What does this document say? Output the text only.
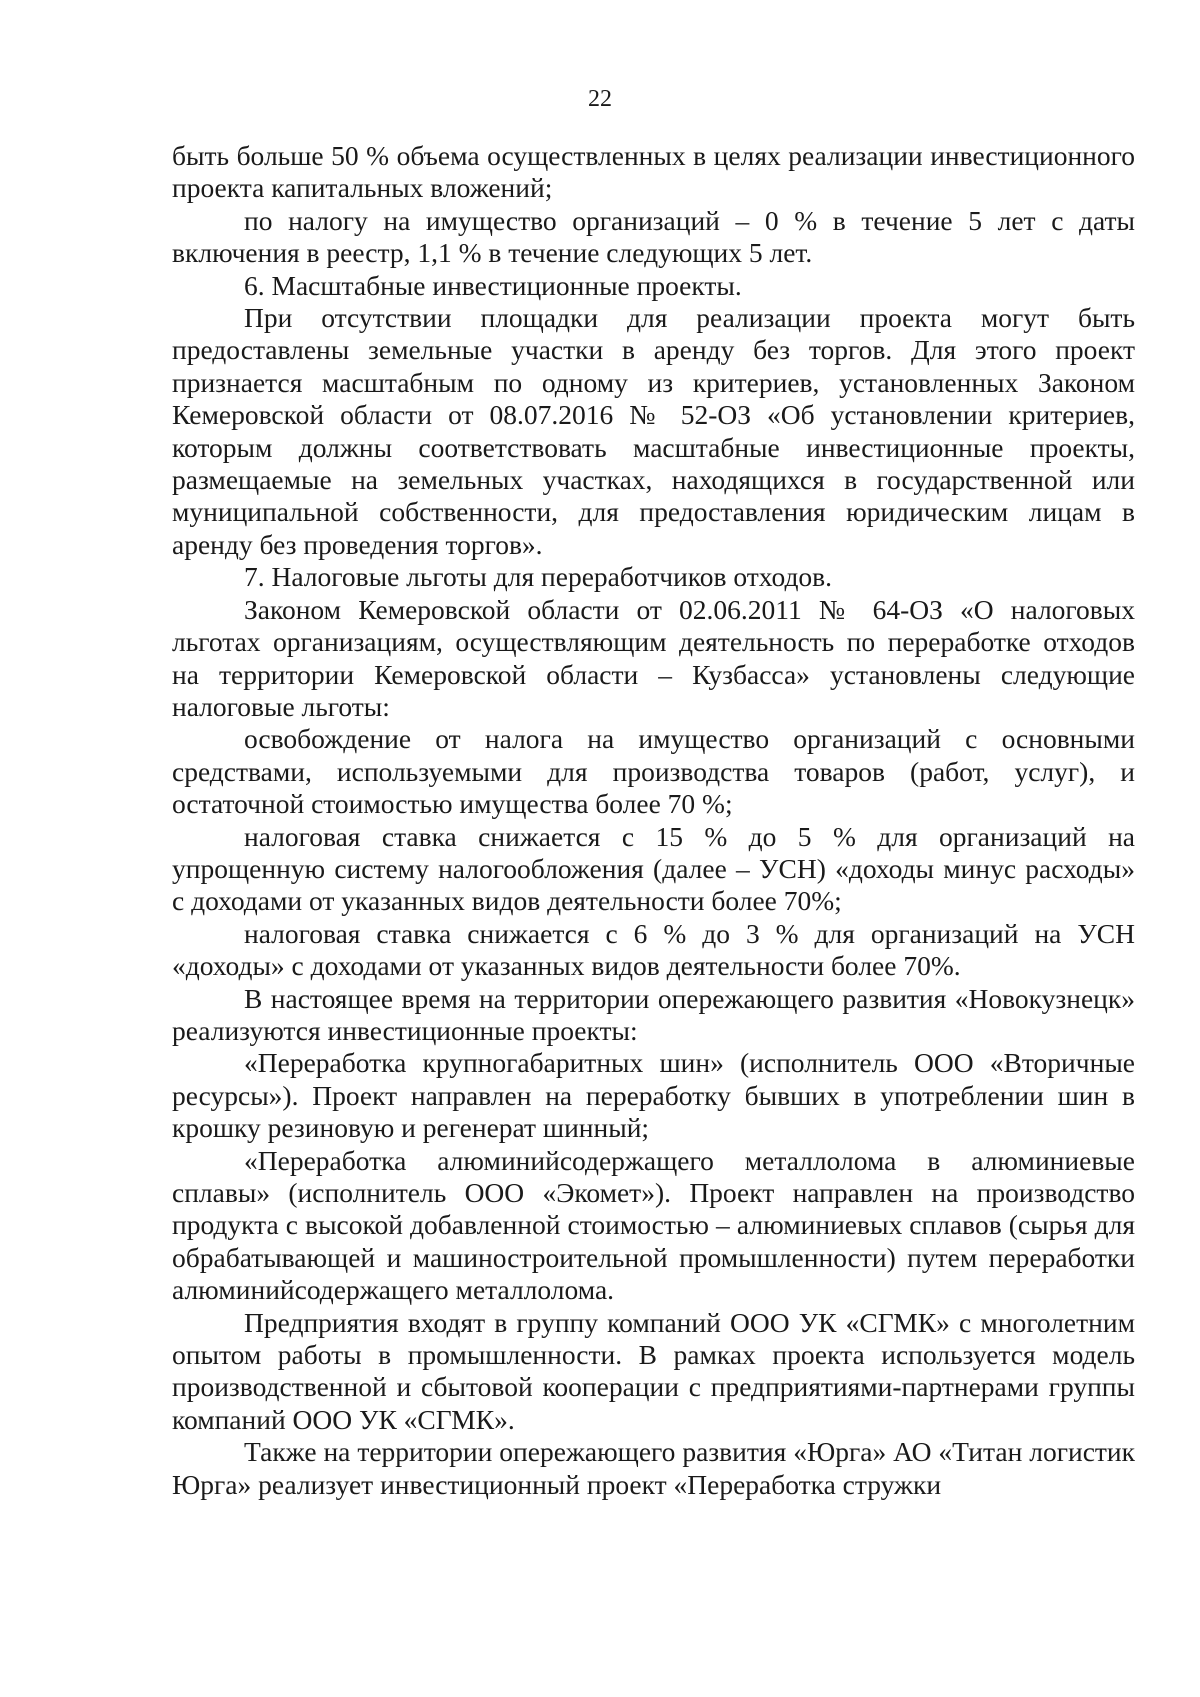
22

быть больше 50 % объема осуществленных в целях реализации инвестиционного проекта капитальных вложений;

по налогу на имущество организаций – 0 % в течение 5 лет с даты включения в реестр, 1,1 % в течение следующих 5 лет.

6. Масштабные инвестиционные проекты.

При отсутствии площадки для реализации проекта могут быть предоставлены земельные участки в аренду без торгов. Для этого проект признается масштабным по одному из критериев, установленных Законом Кемеровской области от 08.07.2016 № 52-ОЗ «Об установлении критериев, которым должны соответствовать масштабные инвестиционные проекты, размещаемые на земельных участках, находящихся в государственной или муниципальной собственности, для предоставления юридическим лицам в аренду без проведения торгов».

7. Налоговые льготы для переработчиков отходов.

Законом Кемеровской области от 02.06.2011 № 64-ОЗ «О налоговых льготах организациям, осуществляющим деятельность по переработке отходов на территории Кемеровской области – Кузбасса» установлены следующие налоговые льготы:

освобождение от налога на имущество организаций с основными средствами, используемыми для производства товаров (работ, услуг), и остаточной стоимостью имущества более 70 %;

налоговая ставка снижается с 15 % до 5 % для организаций на упрощенную систему налогообложения (далее – УСН) «доходы минус расходы» с доходами от указанных видов деятельности более 70%;

налоговая ставка снижается с 6 % до 3 % для организаций на УСН «доходы» с доходами от указанных видов деятельности более 70%.

В настоящее время на территории опережающего развития «Новокузнецк» реализуются инвестиционные проекты:

«Переработка крупногабаритных шин» (исполнитель ООО «Вторичные ресурсы»). Проект направлен на переработку бывших в употреблении шин в крошку резиновую и регенерат шинный;

«Переработка алюминийсодержащего металлолома в алюминиевые сплавы» (исполнитель ООО «Экомет»). Проект направлен на производство продукта с высокой добавленной стоимостью – алюминиевых сплавов (сырья для обрабатывающей и машиностроительной промышленности) путем переработки алюминийсодержащего металлолома.

Предприятия входят в группу компаний ООО УК «СГМК» с многолетним опытом работы в промышленности. В рамках проекта используется модель производственной и сбытовой кооперации с предприятиями-партнерами группы компаний ООО УК «СГМК».

Также на территории опережающего развития «Юрга» АО «Титан логистик Юрга» реализует инвестиционный проект «Переработка стружки
